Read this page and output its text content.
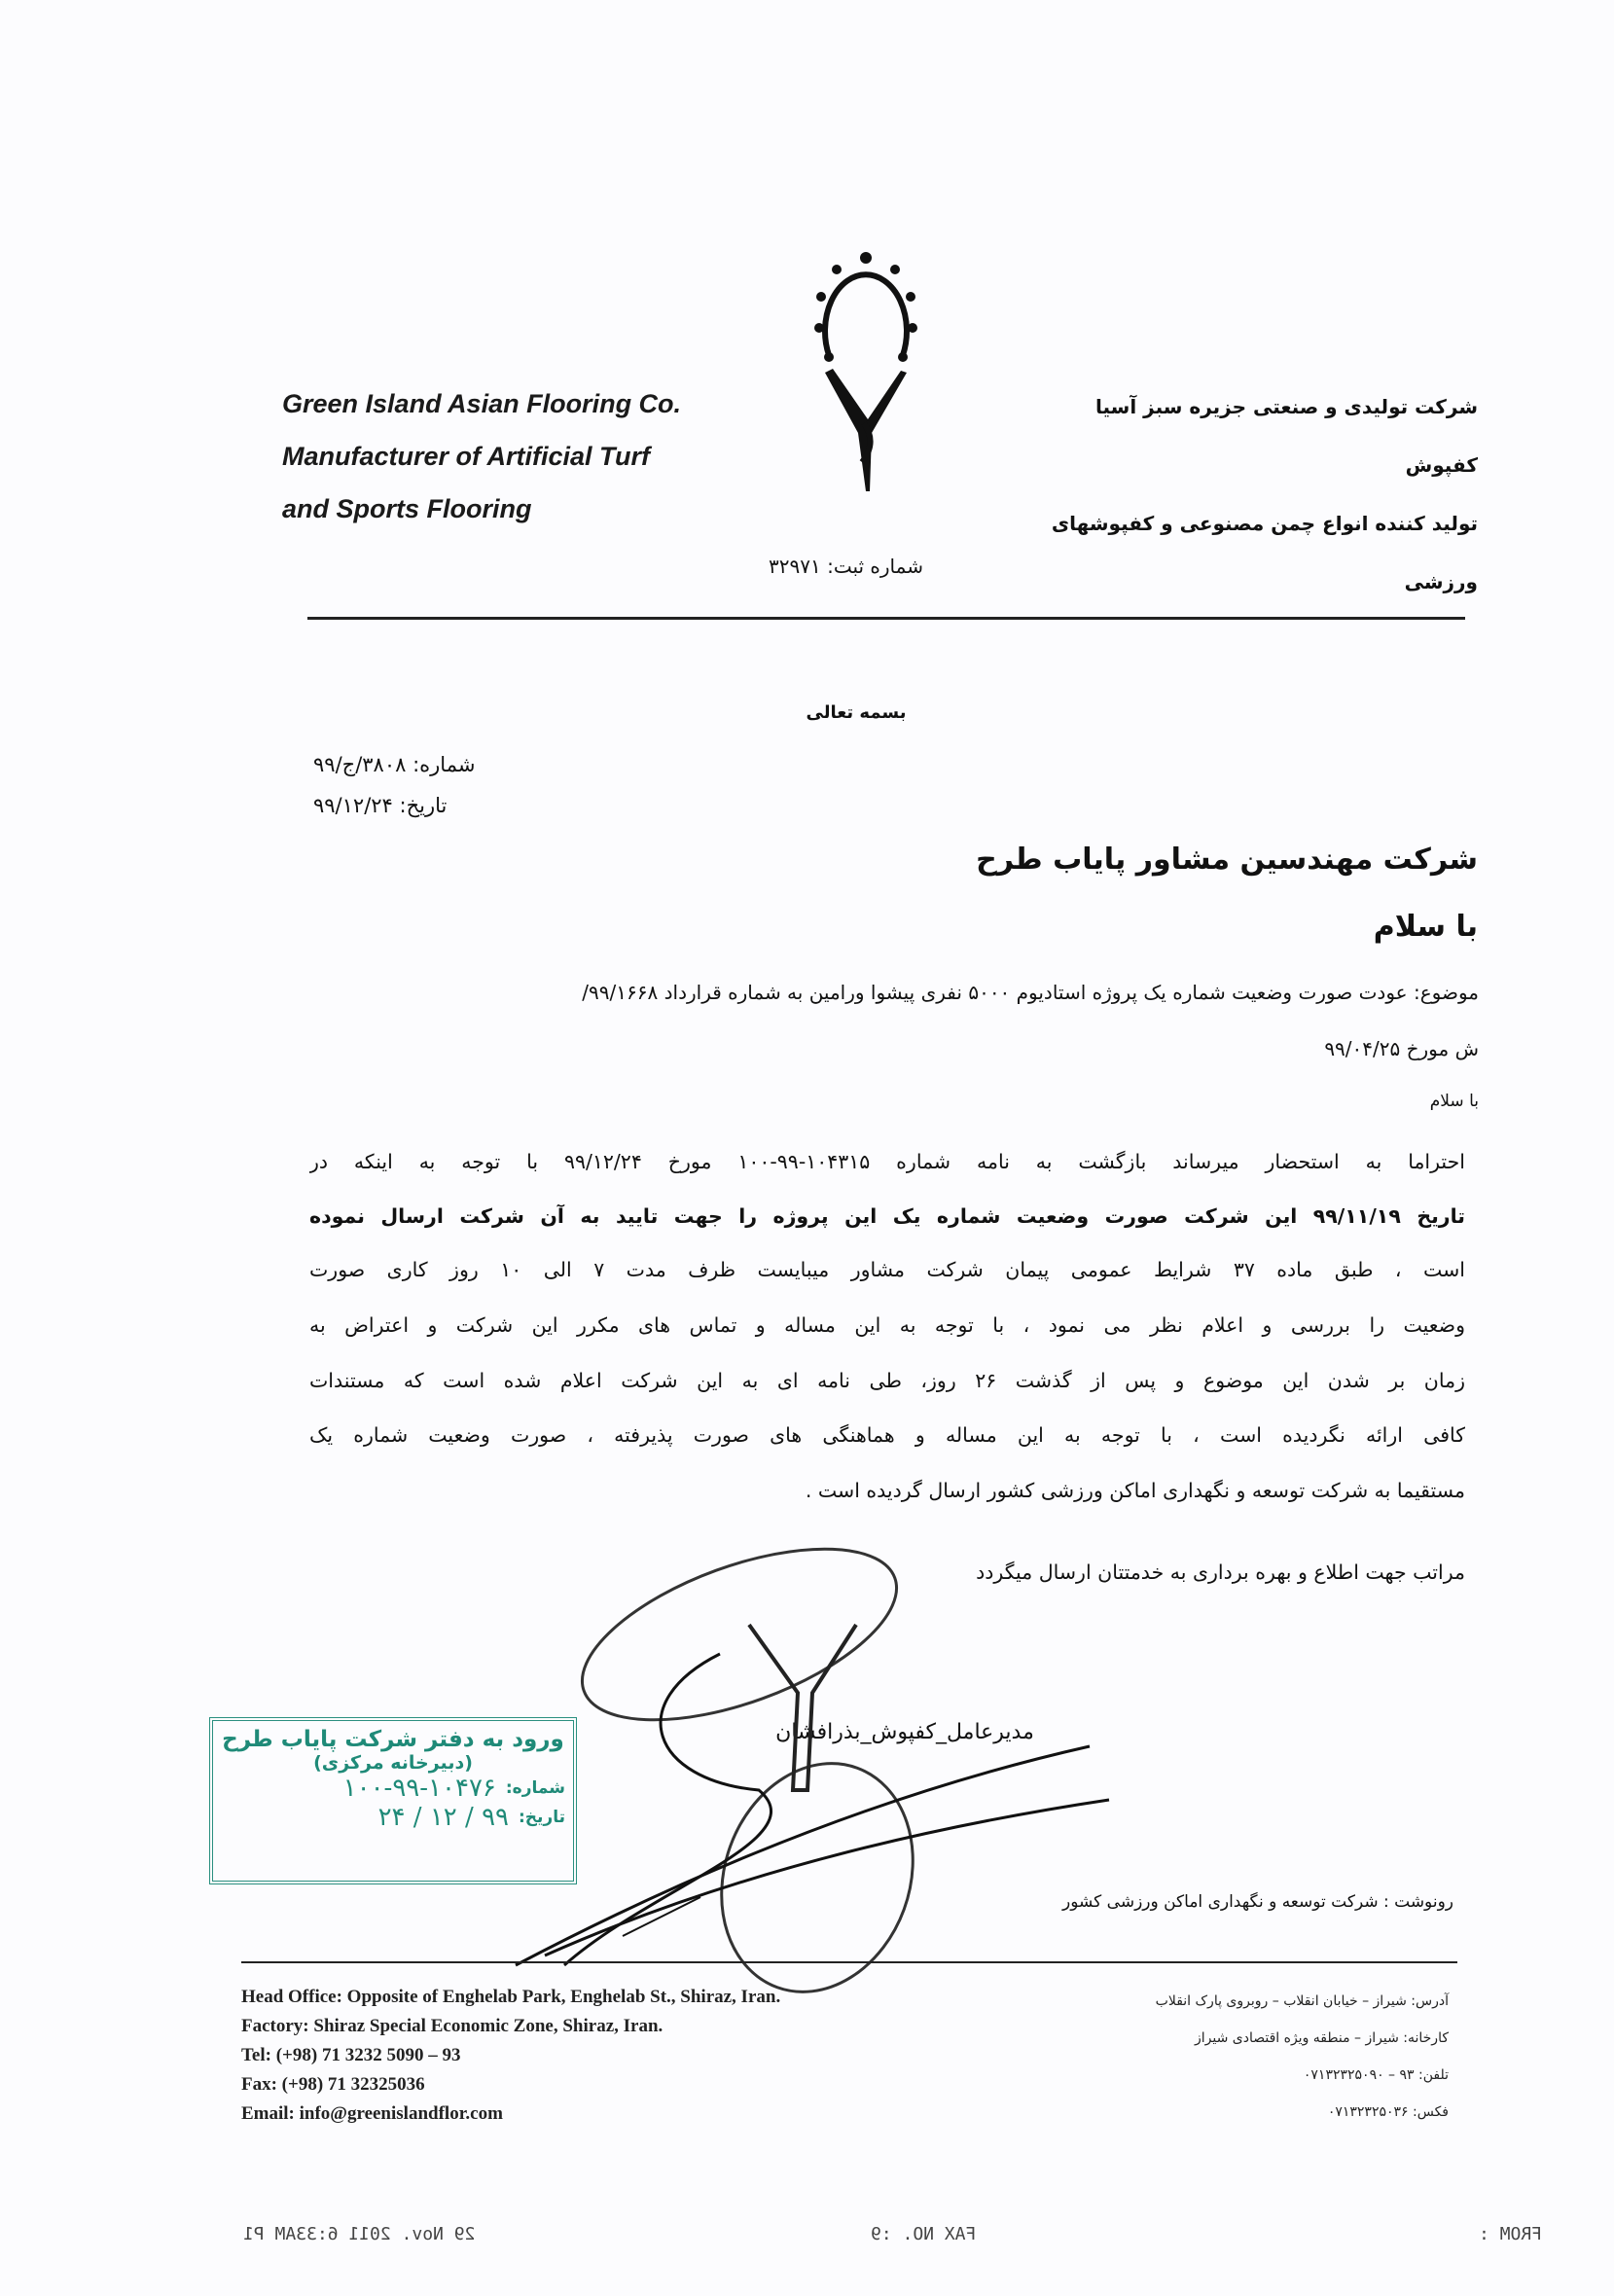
Green Island Asian Flooring Co.
Manufacturer of Artificial Turf
and Sports Flooring
شرکت تولیدی و صنعتی جزیره سبز آسیا کفپوش
تولید کننده انواع چمن مصنوعی و کفپوشهای
ورزشی
شماره ثبت: ۳۲۹۷۱
بسمه تعالی
شماره: ۳۸۰۸/ج/۹۹
تاریخ: ۹۹/۱۲/۲۴
شرکت مهندسین مشاور پایاب طرح
با سلام
موضوع: عودت صورت وضعیت شماره یک پروژه استادیوم ۵۰۰۰ نفری پیشوا ورامین به شماره قرارداد ۹۹/۱۶۶۸/
ش مورخ ۹۹/۰۴/۲۵
با سلام
احتراما به استحضار میرساند بازگشت به نامه شماره ۱۰۴۳۱۵-۹۹-۱۰۰ مورخ ۹۹/۱۲/۲۴ با توجه به اینکه در
تاریخ ۹۹/۱۱/۱۹ این شرکت صورت وضعیت شماره یک این پروژه را جهت تایید به آن شرکت ارسال نموده
است ، طبق ماده ۳۷ شرایط عمومی پیمان شرکت مشاور میبایست ظرف مدت ۷ الی ۱۰ روز کاری صورت
وضعیت را بررسی و اعلام نظر می نمود ، با توجه به این مساله و تماس های مکرر این شرکت و اعتراض به
زمان بر شدن این موضوع و پس از گذشت ۲۶ روز، طی نامه ای به این شرکت اعلام شده است که مستندات
کافی ارائه نگردیده است ، با توجه به این مساله و هماهنگی های صورت پذیرفته ، صورت وضعیت شماره یک
مستقیما به شرکت توسعه و نگهداری اماکن ورزشی کشور ارسال گردیده است .
مراتب جهت اطلاع و بهره برداری به خدمتتان ارسال میگردد
مدیرعامل_کفپوش_بذرافشان
ورود به دفتر شرکت پایاب طرح
(دبیرخانه مرکزی)
شماره:
۱۰۰-۹۹-۱۰۴۷۶
تاریخ:
۹۹ / ۱۲ / ۲۴
رونوشت : شرکت توسعه و نگهداری اماکن ورزشی کشور
Head Office: Opposite of Enghelab Park, Enghelab St., Shiraz, Iran.
Factory: Shiraz Special Economic Zone, Shiraz, Iran.
Tel: (+98) 71 3232 5090 – 93
Fax: (+98) 71 32325036
Email: info@greenislandflor.com
آدرس: شیراز – خیابان انقلاب – روبروی پارک انقلاب
کارخانه: شیراز – منطقه ویژه اقتصادی شیراز
تلفن: ۹۳ – ۰۷۱۳۲۳۲۵۰۹۰
فکس: ۰۷۱۳۲۳۲۵۰۳۶
29 Nov. 2011 6:33AM P1	FAX NO. :9	FROM :
